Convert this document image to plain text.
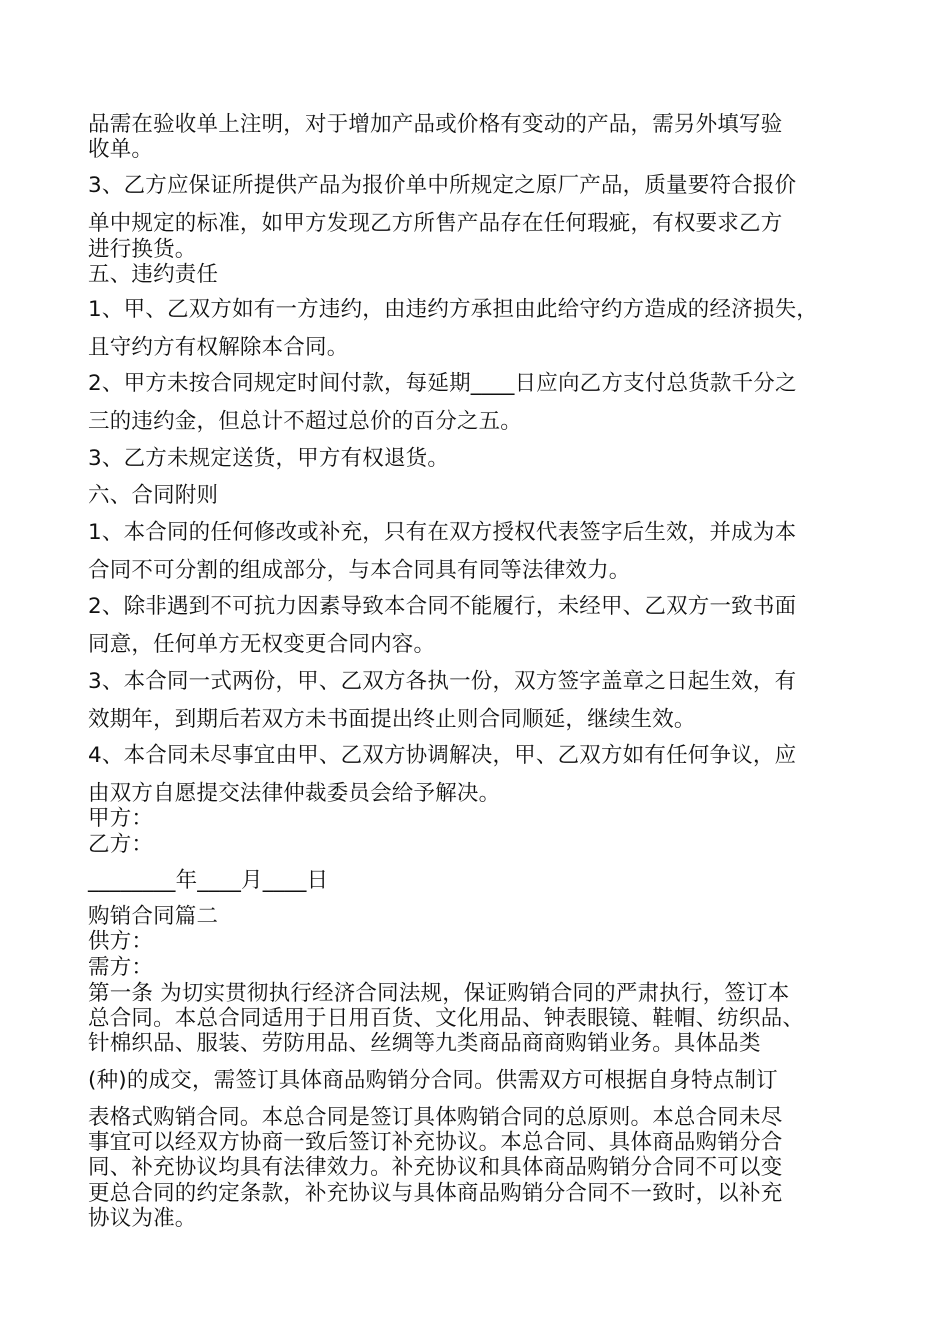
品需在验收单上注明，对于增加产品或价格有变动的产品，需另外填写验

收单。

3、乙方应保证所提供产品为报价单中所规定之原厂产品，质量要符合报价

单中规定的标准，如甲方发现乙方所售产品存在任何瑕疵，有权要求乙方

进行换货。

五、违约责任

1、甲、乙双方如有一方违约，由违约方承担由此给守约方造成的经济损失，

且守约方有权解除本合同。

2、甲方未按合同规定时间付款，每延期____日应向乙方支付总货款千分之

三的违约金，但总计不超过总价的百分之五。

3、乙方未规定送货，甲方有权退货。

六、合同附则

1、本合同的任何修改或补充，只有在双方授权代表签字后生效，并成为本

合同不可分割的组成部分，与本合同具有同等法律效力。

2、除非遇到不可抗力因素导致本合同不能履行，未经甲、乙双方一致书面

同意，任何单方无权变更合同内容。

3、本合同一式两份，甲、乙双方各执一份，双方签字盖章之日起生效，有

效期年，到期后若双方未书面提出终止则合同顺延，继续生效。

4、本合同未尽事宜由甲、乙双方协调解决，甲、乙双方如有任何争议，应

由双方自愿提交法律仲裁委员会给予解决。

甲方：

乙方：

________年____月____日

购销合同篇二

供方：

需方：

第一条 为切实贯彻执行经济合同法规，保证购销合同的严肃执行，签订本

总合同。本总合同适用于日用百货、文化用品、钟表眼镜、鞋帽、纺织品、

针棉织品、服装、劳防用品、丝绸等九类商品商商购销业务。具体品类

(种)的成交，需签订具体商品购销分合同。供需双方可根据自身特点制订

表格式购销合同。本总合同是签订具体购销合同的总原则。本总合同未尽

事宜可以经双方协商一致后签订补充协议。本总合同、具体商品购销分合

同、补充协议均具有法律效力。补充协议和具体商品购销分合同不可以变

更总合同的约定条款，补充协议与具体商品购销分合同不一致时，以补充

协议为准。
